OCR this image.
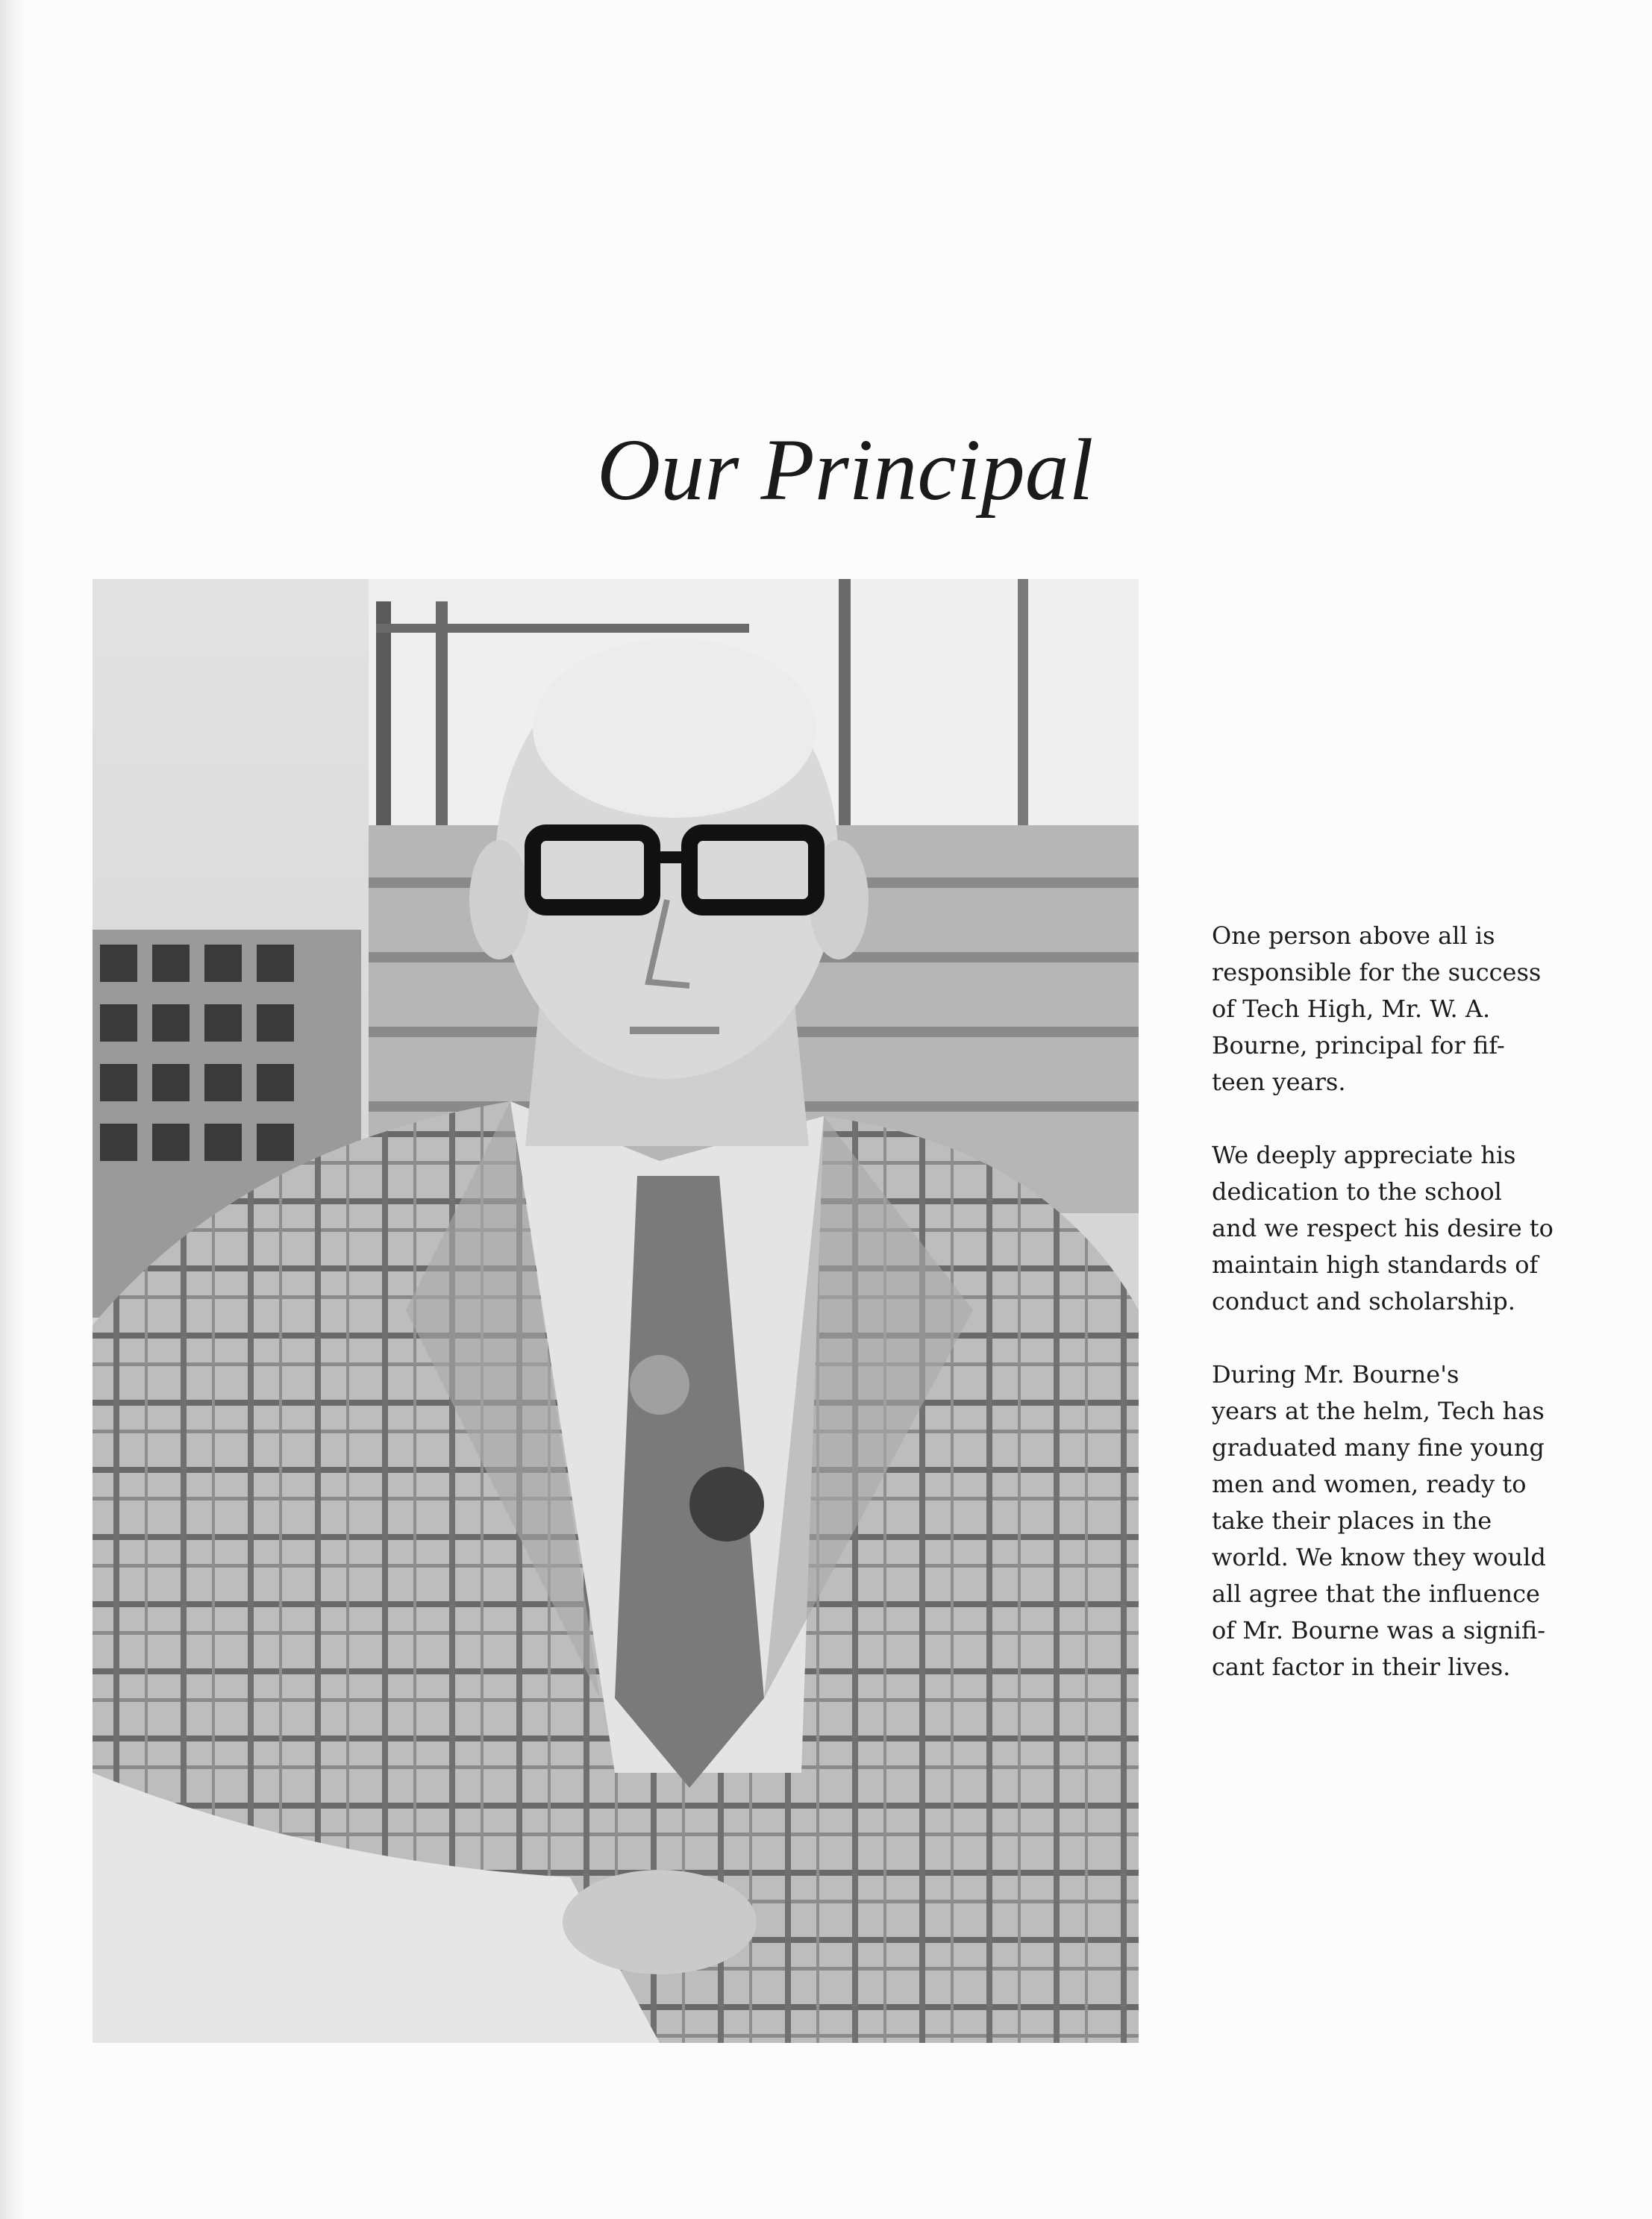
Our Principal

One person above all is
responsible for the success
of Tech High, Mr. W. A.
Bourne, principal for fif-
teen years.

We deeply appreciate his
dedication to the school
and we respect his desire to
maintain high standards of
conduct and scholarship.

During Mr. Bourne's
years at the helm, Tech has
graduated many fine young
men and women, ready to
take their places in the
world. We know they would
all agree that the influence
of Mr. Bourne was a signifi-
cant factor in their lives.
